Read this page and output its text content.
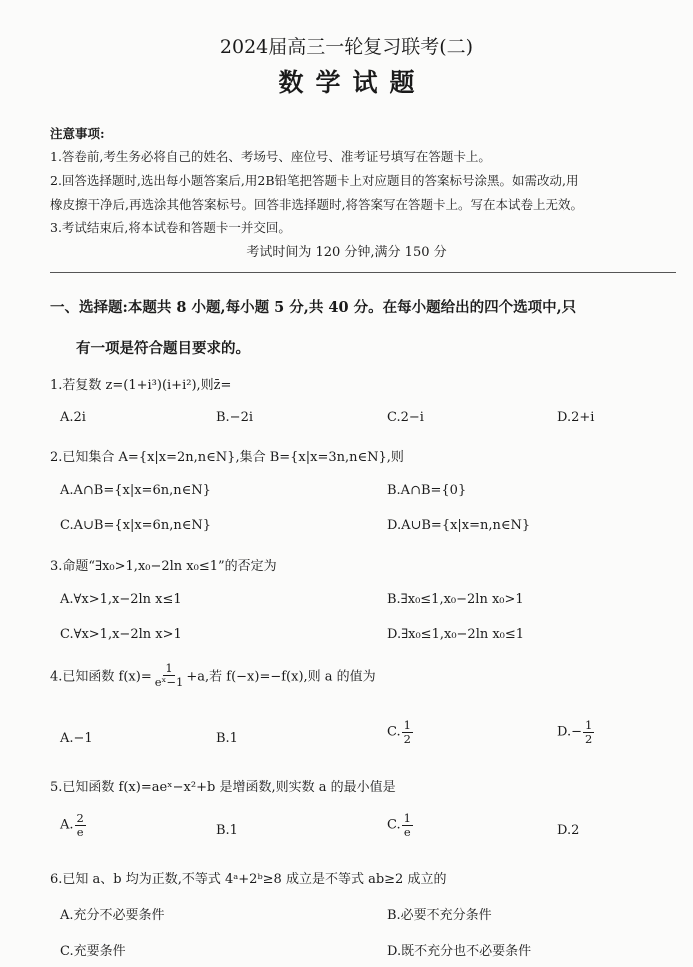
2024届高三一轮复习联考(二)
数学试题
注意事项:
1.答卷前,考生务必将自己的姓名、考场号、座位号、准考证号填写在答题卡上。
2.回答选择题时,选出每小题答案后,用2B铅笔把答题卡上对应题目的答案标号涂黑。如需改动,用
橡皮擦干净后,再选涂其他答案标号。回答非选择题时,将答案写在答题卡上。写在本试卷上无效。
3.考试结束后,将本试卷和答题卡一并交回。
考试时间为 120 分钟,满分 150 分
一、选择题:本题共 8 小题,每小题 5 分,共 40 分。在每小题给出的四个选项中,只
有一项是符合题目要求的。
1.若复数 z=(1+i³)(i+i²),则z̄=
A.2i	B.−2i	C.2−i	D.2+i
2.已知集合 A={x|x=2n,n∈N},集合 B={x|x=3n,n∈N},则
A.A∩B={x|x=6n,n∈N}	B.A∩B={0}
C.A∪B={x|x=6n,n∈N}	D.A∪B={x|x=n,n∈N}
3.命题“∃x₀>1,x₀−2ln x₀≤1”的否定为
A.∀x>1,x−2ln x≤1	B.∃x₀≤1,x₀−2ln x₀>1
C.∀x>1,x−2ln x>1	D.∃x₀≤1,x₀−2ln x₀≤1
4.已知函数 $f(x)= \frac{1}{\text{eˣ−1}} +a$,若 f(−x)=−f(x),则 a 的值为
A.−1	B.1	C. $\frac{1}{2}$	$D.- \frac{1}{2}$
5.已知函数 f(x)=aeˣ−x²+b 是增函数,则实数 a 的最小值是
A. $\frac{2}{e}$	B.1	C. $\frac{1}{e}$	D.2
6.已知 a、b 均为正数,不等式 4ᵃ+2ᵇ≥8 成立是不等式 ab≥2 成立的
A.充分不必要条件	B.必要不充分条件
C.充要条件	D.既不充分也不必要条件
